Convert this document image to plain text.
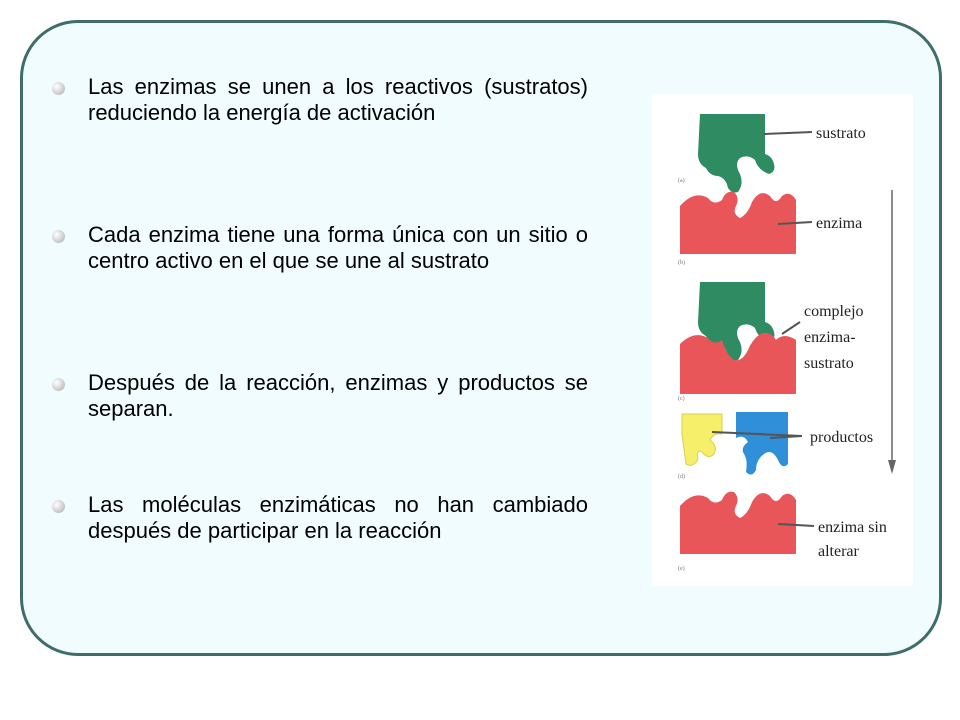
Las enzimas se unen a los reactivos (sustratos) reduciendo la energía de activación
Cada enzima tiene una forma única con un sitio o centro activo en el que se une al sustrato
Después de la reacción, enzimas y productos se separan.
Las moléculas enzimáticas no han cambiado después de participar en la reacción
sustrato
enzima
complejo
enzima-
sustrato
productos
enzima sin
alterar
(a)
(b)
(c)
(d)
(e)
